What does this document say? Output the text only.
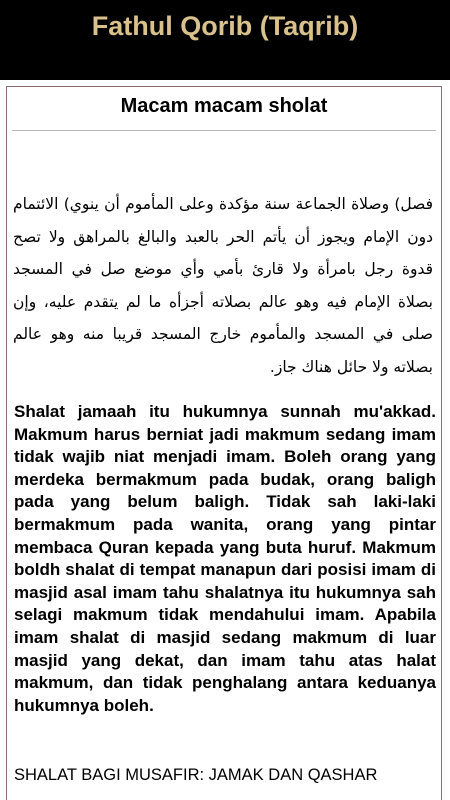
Fathul Qorib (Taqrib)
Macam macam sholat
فصل) وصلاة الجماعة سنة مؤكدة وعلى المأموم أن ينوي) الائتمام دون الإمام ويجوز أن يأتم الحر بالعبد والبالغ بالمراهق ولا تصح قدوة رجل بامرأة ولا قارئ بأمي وأي موضع صل في المسجد بصلاة الإمام فيه وهو عالم بصلاته أجزأه ما لم يتقدم عليه، وإن صلى في المسجد والمأموم خارج المسجد قريبا منه وهو عالم بصلاته ولا حائل هناك جاز.
Shalat jamaah itu hukumnya sunnah mu'akkad. Makmum harus berniat jadi makmum sedang imam tidak wajib niat menjadi imam. Boleh orang yang merdeka bermakmum pada budak, orang baligh pada yang belum baligh. Tidak sah laki-laki bermakmum pada wanita, orang yang pintar membaca Quran kepada yang buta huruf. Makmum boldh shalat di tempat manapun dari posisi imam di masjid asal imam tahu shalatnya itu hukumnya sah selagi makmum tidak mendahului imam. Apabila imam shalat di masjid sedang makmum di luar masjid yang dekat, dan imam tahu atas halat makmum, dan tidak penghalang antara keduanya hukumnya boleh.
SHALAT BAGI MUSAFIR: JAMAK DAN QASHAR
